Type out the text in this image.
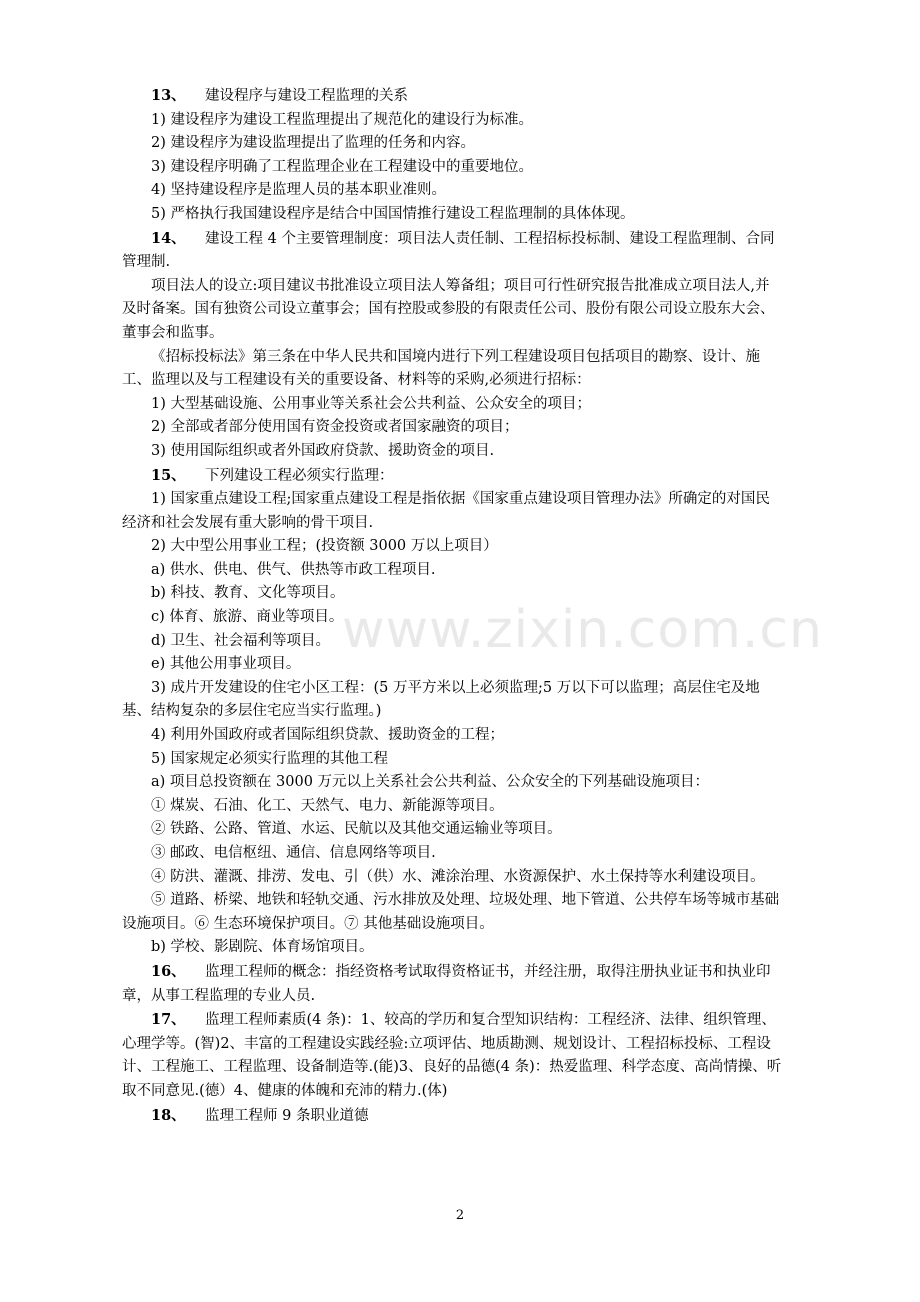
13、 建设程序与建设工程监理的关系

1) 建设程序为建设工程监理提出了规范化的建设行为标准。

2) 建设程序为建设监理提出了监理的任务和内容。

3) 建设程序明确了工程监理企业在工程建设中的重要地位。

4) 坚持建设程序是监理人员的基本职业准则。

5) 严格执行我国建设程序是结合中国国情推行建设工程监理制的具体体现。

14、 建设工程 4 个主要管理制度：项目法人责任制、工程招标投标制、建设工程监理制、合同管理制.

项目法人的设立:项目建议书批准设立项目法人筹备组；项目可行性研究报告批准成立项目法人,并及时备案。国有独资公司设立董事会；国有控股或参股的有限责任公司、股份有限公司设立股东大会、董事会和监事。

《招标投标法》第三条在中华人民共和国境内进行下列工程建设项目包括项目的勘察、设计、施工、监理以及与工程建设有关的重要设备、材料等的采购,必须进行招标：

1) 大型基础设施、公用事业等关系社会公共利益、公众安全的项目；

2) 全部或者部分使用国有资金投资或者国家融资的项目；

3) 使用国际组织或者外国政府贷款、援助资金的项目.

15、 下列建设工程必须实行监理：

1) 国家重点建设工程;国家重点建设工程是指依据《国家重点建设项目管理办法》所确定的对国民经济和社会发展有重大影响的骨干项目.

2) 大中型公用事业工程；(投资额 3000 万以上项目）

a) 供水、供电、供气、供热等市政工程项目.

b) 科技、教育、文化等项目。

c) 体育、旅游、商业等项目。

d) 卫生、社会福利等项目。

e) 其他公用事业项目。

3) 成片开发建设的住宅小区工程：(5 万平方米以上必须监理;5 万以下可以监理；高层住宅及地基、结构复杂的多层住宅应当实行监理。)

4) 利用外国政府或者国际组织贷款、援助资金的工程；

5) 国家规定必须实行监理的其他工程

a) 项目总投资额在 3000 万元以上关系社会公共利益、公众安全的下列基础设施项目：

① 煤炭、石油、化工、天然气、电力、新能源等项目。

② 铁路、公路、管道、水运、民航以及其他交通运输业等项目。

③ 邮政、电信枢纽、通信、信息网络等项目.

④ 防洪、灌溉、排涝、发电、引（供）水、滩涂治理、水资源保护、水土保持等水利建设项目。

⑤ 道路、桥梁、地铁和轻轨交通、污水排放及处理、垃圾处理、地下管道、公共停车场等城市基础设施项目。⑥ 生态环境保护项目。⑦ 其他基础设施项目。

b) 学校、影剧院、体育场馆项目。

16、 监理工程师的概念：指经资格考试取得资格证书，并经注册，取得注册执业证书和执业印章，从事工程监理的专业人员.

17、 监理工程师素质(4 条)：1、较高的学历和复合型知识结构：工程经济、法律、组织管理、心理学等。(智)2、丰富的工程建设实践经验:立项评估、地质勘测、规划设计、工程招标投标、工程设计、工程施工、工程监理、设备制造等.(能)3、良好的品德(4 条)：热爱监理、科学态度、高尚情操、听取不同意见.(德）4、健康的体魄和充沛的精力.(体)

18、 监理工程师 9 条职业道德

www.zixin.com.cn
2
